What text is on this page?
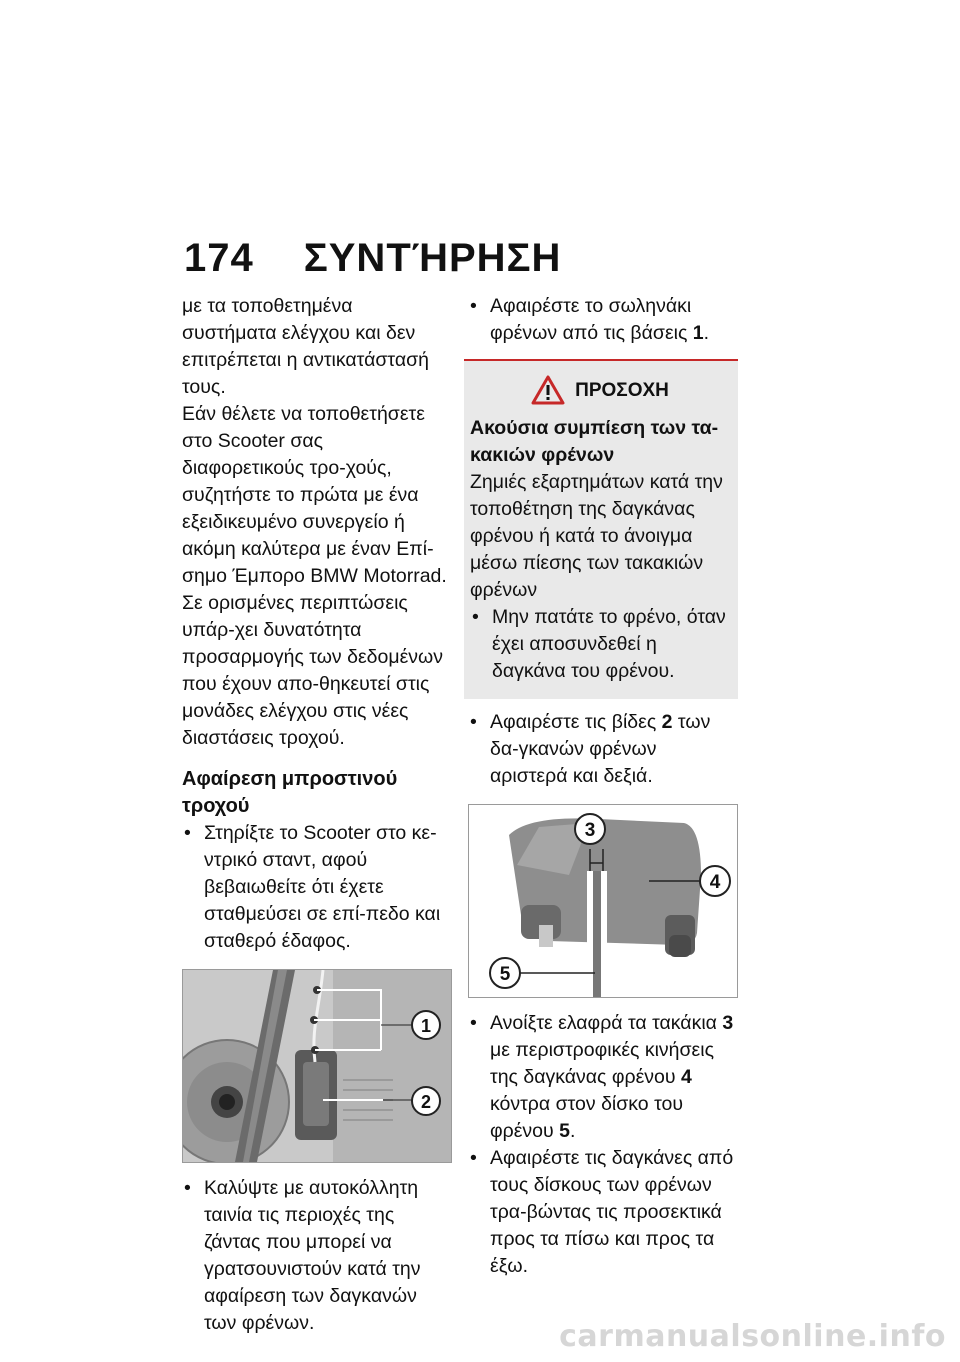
174 ΣΥΝΤΉΡΗΣΗ

με τα τοποθετημένα συστήματα ελέγχου και δεν επιτρέπεται η αντικατάστασή τους.

Εάν θέλετε να τοποθετήσετε στο Scooter σας διαφορετικούς τρο-χούς, συζητήστε το πρώτα με ένα εξειδικευμένο συνεργείο ή ακόμη καλύτερα με έναν Επί-σημο Έμπορο BMW Motorrad.

Σε ορισμένες περιπτώσεις υπάρ-χει δυνατότητα προσαρμογής των δεδομένων που έχουν απο-θηκευτεί στις μονάδες ελέγχου στις νέες διαστάσεις τροχού.

Αφαίρεση μπροστινού τροχού
• Στηρίξτε το Scooter στο κε-ντρικό σταντ, αφού βεβαιωθείτε ότι έχετε σταθμεύσει σε επί-πεδο και σταθερό έδαφος.
1
2
• Καλύψτε με αυτοκόλλητη ταινία τις περιοχές της ζάντας που μπορεί να γρατσουνιστούν κατά την αφαίρεση των δαγκανών των φρένων.
• Αφαιρέστε το σωληνάκι φρένων από τις βάσεις 1.
ΠΡΟΣΟΧΗ
Ακούσια συμπίεση των τα-κακιών φρένων

Ζημιές εξαρτημάτων κατά την τοποθέτηση της δαγκάνας φρένου ή κατά το άνοιγμα μέσω πίεσης των τακακιών φρένων

• Μην πατάτε το φρένο, όταν έχει αποσυνδεθεί η δαγκάνα του φρένου.
• Αφαιρέστε τις βίδες 2 των δα-γκανών φρένων αριστερά και δεξιά.
3
4
5
• Ανοίξτε ελαφρά τα τακάκια 3 με περιστροφικές κινήσεις της δαγκάνας φρένου 4 κόντρα στον δίσκο του φρένου 5.
• Αφαιρέστε τις δαγκάνες από τους δίσκους των φρένων τρα-βώντας τις προσεκτικά προς τα πίσω και προς τα έξω.
carmanualsonline.info
